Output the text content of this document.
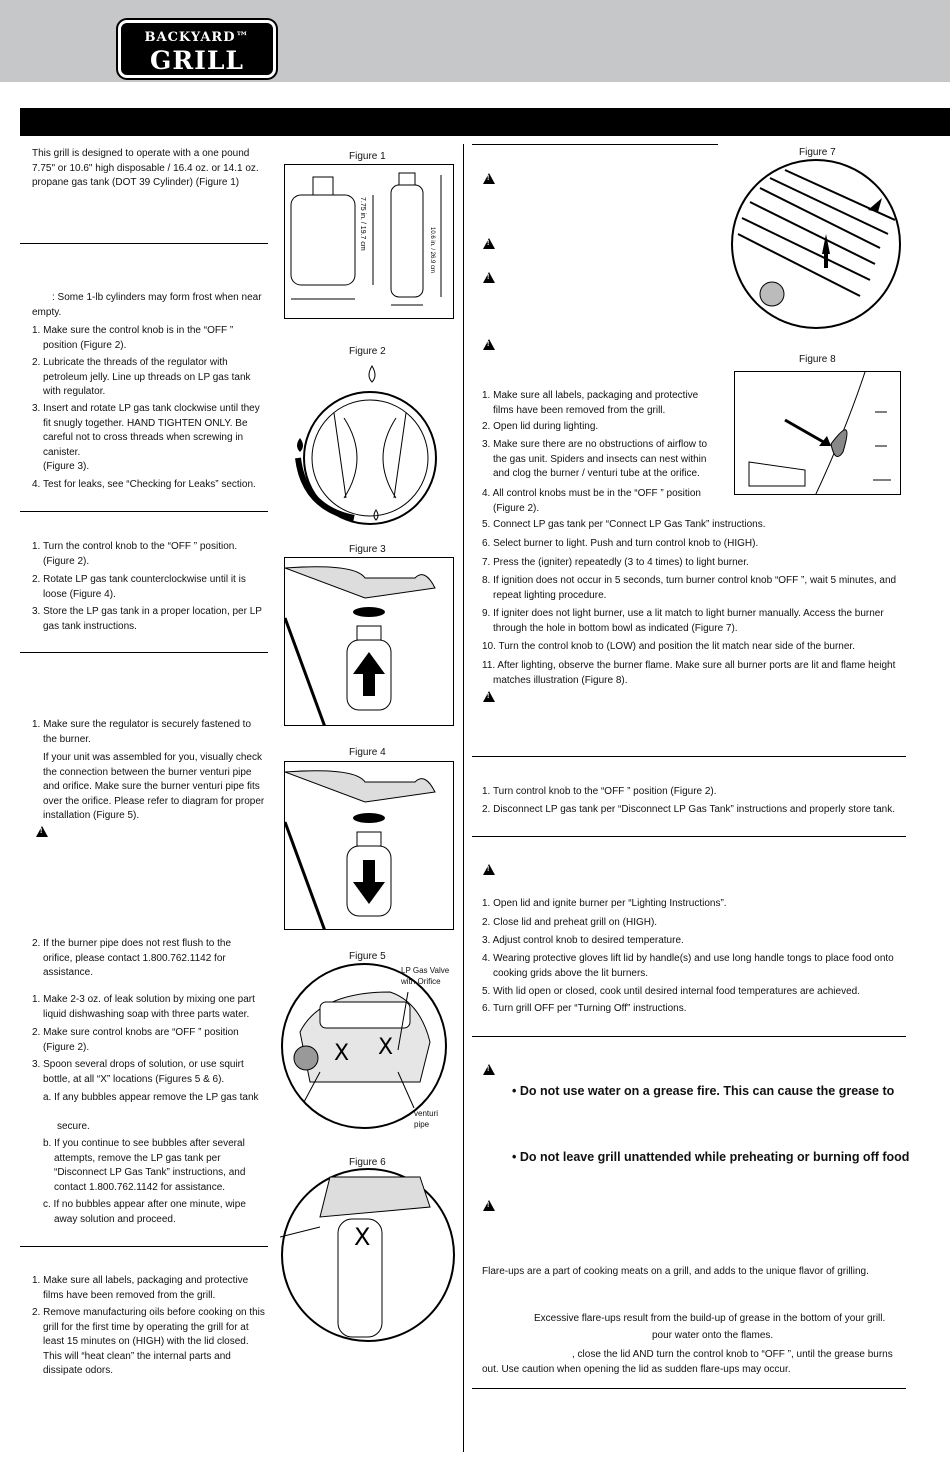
BACKYARD™
GRILL
This grill is designed to operate with a one pound 7.75" or 10.6" high disposable / 16.4 oz. or 14.1 oz. propane gas tank (DOT 39 Cylinder) (Figure 1)
: Some 1-lb cylinders may form frost when near empty.
1. Make sure the control knob is in the “OFF ” position (Figure 2).
2. Lubricate the threads of the regulator with petroleum jelly. Line up threads on LP gas tank with regulator.
3. Insert and rotate LP gas tank clockwise until they fit snugly together. HAND TIGHTEN ONLY. Be careful not to cross threads when screwing in canister.
(Figure 3).
4. Test for leaks, see “Checking for Leaks” section.
1. Turn the control knob to the “OFF ” position. (Figure 2).
2. Rotate LP gas tank counterclockwise until it is loose (Figure 4).
3. Store the LP gas tank in a proper location, per LP gas tank instructions.
1. Make sure the regulator is securely fastened to the burner.
If your unit was assembled for you, visually check the connection between the burner venturi pipe and orifice. Make sure the burner venturi pipe fits over the orifice. Please refer to diagram for proper installation (Figure 5).
!
2. If the burner pipe does not rest flush to the orifice, please contact 1.800.762.1142 for assistance.
1. Make 2-3 oz. of leak solution by mixing one part liquid dishwashing soap with three parts water.
2. Make sure control knobs are “OFF ” position (Figure 2).
3. Spoon several drops of solution, or use squirt bottle, at all “X” locations (Figures 5 & 6).
a. If any bubbles appear remove the LP gas tank
secure.
b. If you continue to see bubbles after several attempts, remove the LP gas tank per “Disconnect LP Gas Tank” instructions, and contact 1.800.762.1142 for assistance.
c. If no bubbles appear after one minute, wipe away solution and proceed.
1. Make sure all labels, packaging and protective films have been removed from the grill.
2. Remove manufacturing oils before cooking on this grill for the first time by operating the grill for at least 15 minutes on (HIGH) with the lid closed. This will “heat clean” the internal parts and dissipate odors.
Figure 1
7.75 in. / 19.7 cm	10.6 in. / 26.9 cm
Figure 2
Figure 3
Figure 4
Figure 5
X X
LP Gas Valve with Orifice
venturi pipe
Figure 6
X
Figure 7
!
!
!
!
Figure 8
1. Make sure all labels, packaging and protective films have been removed from the grill.
2. Open lid during lighting.
3. Make sure there are no obstructions of airflow to the gas unit. Spiders and insects can nest within and clog the burner / venturi tube at the orifice.
4. All control knobs must be in the “OFF ” position (Figure 2).
5. Connect LP gas tank per “Connect LP Gas Tank” instructions.
6. Select burner to light. Push and turn control knob to (HIGH).
7. Press the (igniter) repeatedly (3 to 4 times) to light burner.
8. If ignition does not occur in 5 seconds, turn burner control knob “OFF ”, wait 5 minutes, and repeat lighting procedure.
9. If igniter does not light burner, use a lit match to light burner manually. Access the burner through the hole in bottom bowl as indicated (Figure 7).
10. Turn the control knob to (LOW) and position the lit match near side of the burner.
11. After lighting, observe the burner flame. Make sure all burner ports are lit and flame height matches illustration (Figure 8).
!
1. Turn control knob to the “OFF ” position (Figure 2).
2. Disconnect LP gas tank per “Disconnect LP Gas Tank” instructions and properly store tank.
!
1. Open lid and ignite burner per “Lighting Instructions”.
2. Close lid and preheat grill on (HIGH).
3. Adjust control knob to desired temperature.
4. Wearing protective gloves lift lid by handle(s) and use long handle tongs to place food onto cooking grids above the lit burners.
5. With lid open or closed, cook until desired internal food temperatures are achieved.
6. Turn grill OFF per “Turning Off” instructions.
!
• Do not use water on a grease fire. This can cause the grease to
• Do not leave grill unattended while preheating or burning off food
!
Flare-ups are a part of cooking meats on a grill, and adds to the unique flavor of grilling.
Excessive flare-ups result from the build-up of grease in the bottom of your grill.
pour water onto the flames.
, close the lid AND turn the control knob to “OFF ”, until the grease burns out. Use caution when opening the lid as sudden flare-ups may occur.
